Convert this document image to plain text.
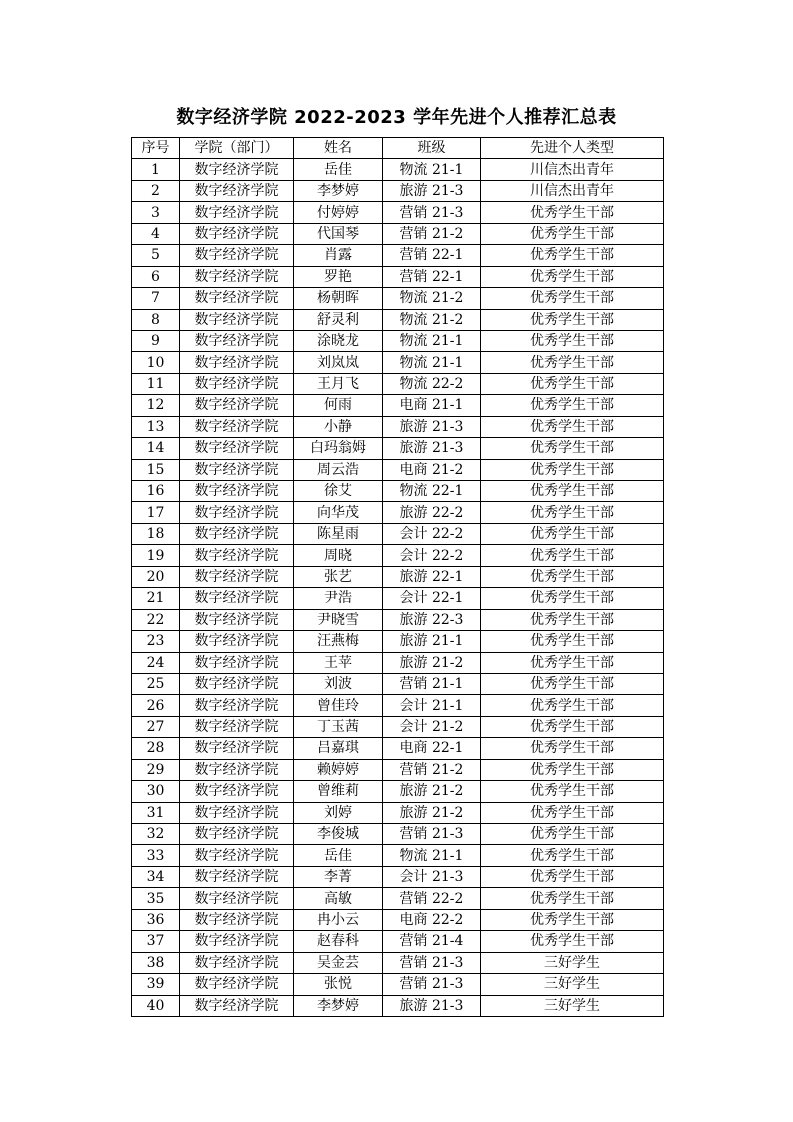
数字经济学院 2022-2023 学年先进个人推荐汇总表
序号	学院（部门）	姓名	班级	先进个人类型
1	数字经济学院	岳佳	物流 21-1	川信杰出青年
2	数字经济学院	李梦婷	旅游 21-3	川信杰出青年
3	数字经济学院	付婷婷	营销 21-3	优秀学生干部
4	数字经济学院	代国琴	营销 21-2	优秀学生干部
5	数字经济学院	肖露	营销 22-1	优秀学生干部
6	数字经济学院	罗艳	营销 22-1	优秀学生干部
7	数字经济学院	杨朝晖	物流 21-2	优秀学生干部
8	数字经济学院	舒灵利	物流 21-2	优秀学生干部
9	数字经济学院	涂晓龙	物流 21-1	优秀学生干部
10	数字经济学院	刘岚岚	物流 21-1	优秀学生干部
11	数字经济学院	王月飞	物流 22-2	优秀学生干部
12	数字经济学院	何雨	电商 21-1	优秀学生干部
13	数字经济学院	小静	旅游 21-3	优秀学生干部
14	数字经济学院	白玛翁姆	旅游 21-3	优秀学生干部
15	数字经济学院	周云浩	电商 21-2	优秀学生干部
16	数字经济学院	徐艾	物流 22-1	优秀学生干部
17	数字经济学院	向华茂	旅游 22-2	优秀学生干部
18	数字经济学院	陈星雨	会计 22-2	优秀学生干部
19	数字经济学院	周晓	会计 22-2	优秀学生干部
20	数字经济学院	张艺	旅游 22-1	优秀学生干部
21	数字经济学院	尹浩	会计 22-1	优秀学生干部
22	数字经济学院	尹晓雪	旅游 22-3	优秀学生干部
23	数字经济学院	汪燕梅	旅游 21-1	优秀学生干部
24	数字经济学院	王苹	旅游 21-2	优秀学生干部
25	数字经济学院	刘波	营销 21-1	优秀学生干部
26	数字经济学院	曾佳玲	会计 21-1	优秀学生干部
27	数字经济学院	丁玉茜	会计 21-2	优秀学生干部
28	数字经济学院	吕嘉琪	电商 22-1	优秀学生干部
29	数字经济学院	赖婷婷	营销 21-2	优秀学生干部
30	数字经济学院	曾维莉	旅游 21-2	优秀学生干部
31	数字经济学院	刘婷	旅游 21-2	优秀学生干部
32	数字经济学院	李俊城	营销 21-3	优秀学生干部
33	数字经济学院	岳佳	物流 21-1	优秀学生干部
34	数字经济学院	李菁	会计 21-3	优秀学生干部
35	数字经济学院	高敏	营销 22-2	优秀学生干部
36	数字经济学院	冉小云	电商 22-2	优秀学生干部
37	数字经济学院	赵春科	营销 21-4	优秀学生干部
38	数字经济学院	吴金芸	营销 21-3	三好学生
39	数字经济学院	张悦	营销 21-3	三好学生
40	数字经济学院	李梦婷	旅游 21-3	三好学生
